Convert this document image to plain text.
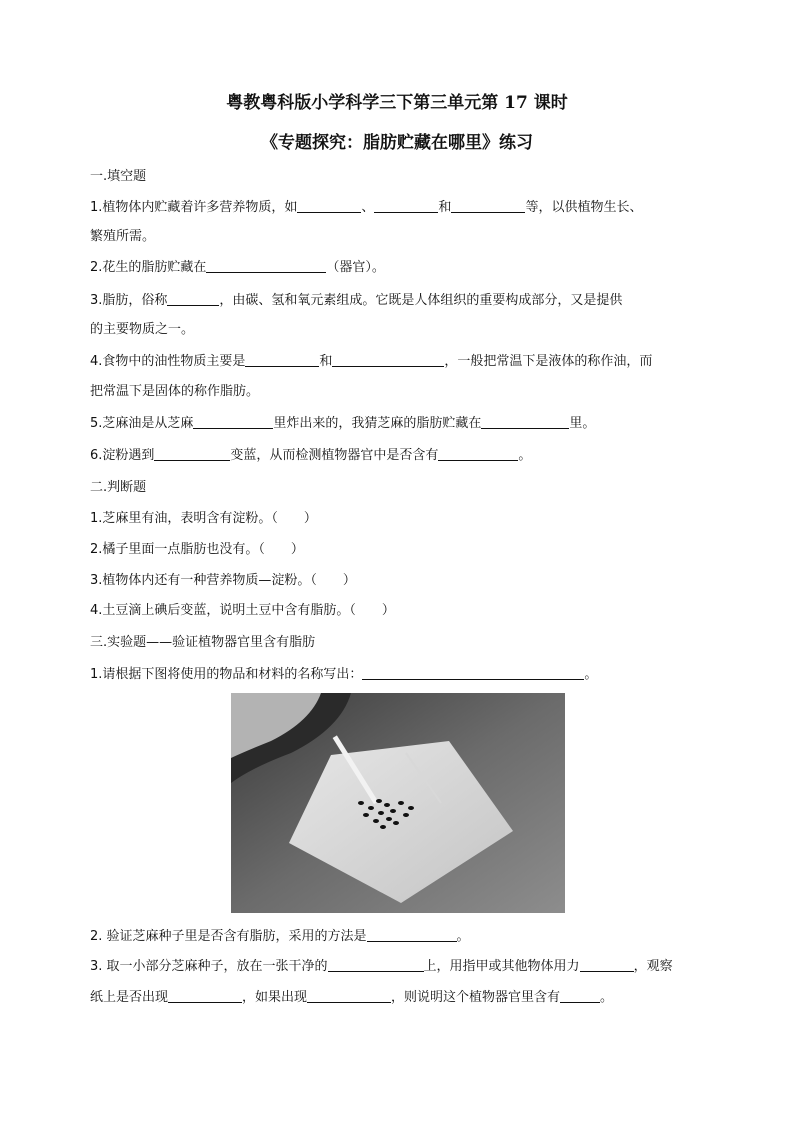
粤教粤科版小学科学三下第三单元第 17 课时
《专题探究：脂肪贮藏在哪里》练习
一.填空题
1.植物体内贮藏着许多营养物质，如	、	和	等，以供植物生长、
繁殖所需。
2.花生的脂肪贮藏在	（器官）。
3.脂肪，俗称	，由碳、氢和氧元素组成。它既是人体组织的重要构成部分，又是提供
的主要物质之一。
4.食物中的油性物质主要是	和	，一般把常温下是液体的称作油，而
把常温下是固体的称作脂肪。
5.芝麻油是从芝麻	里炸出来的，我猜芝麻的脂肪贮藏在	里。
6.淀粉遇到	变蓝，从而检测植物器官中是否含有	。
二.判断题
1.芝麻里有油，表明含有淀粉。（　　）
2.橘子里面一点脂肪也没有。（　　）
3.植物体内还有一种营养物质—淀粉。（　　）
4.土豆滴上碘后变蓝，说明土豆中含有脂肪。（　　）
三.实验题——验证植物器官里含有脂肪
1.请根据下图将使用的物品和材料的名称写出：	。
2. 验证芝麻种子里是否含有脂肪，采用的方法是	。
3. 取一小部分芝麻种子，放在一张干净的	上，用指甲或其他物体用力	，观察
纸上是否出现	，如果出现	，则说明这个植物器官里含有	。
